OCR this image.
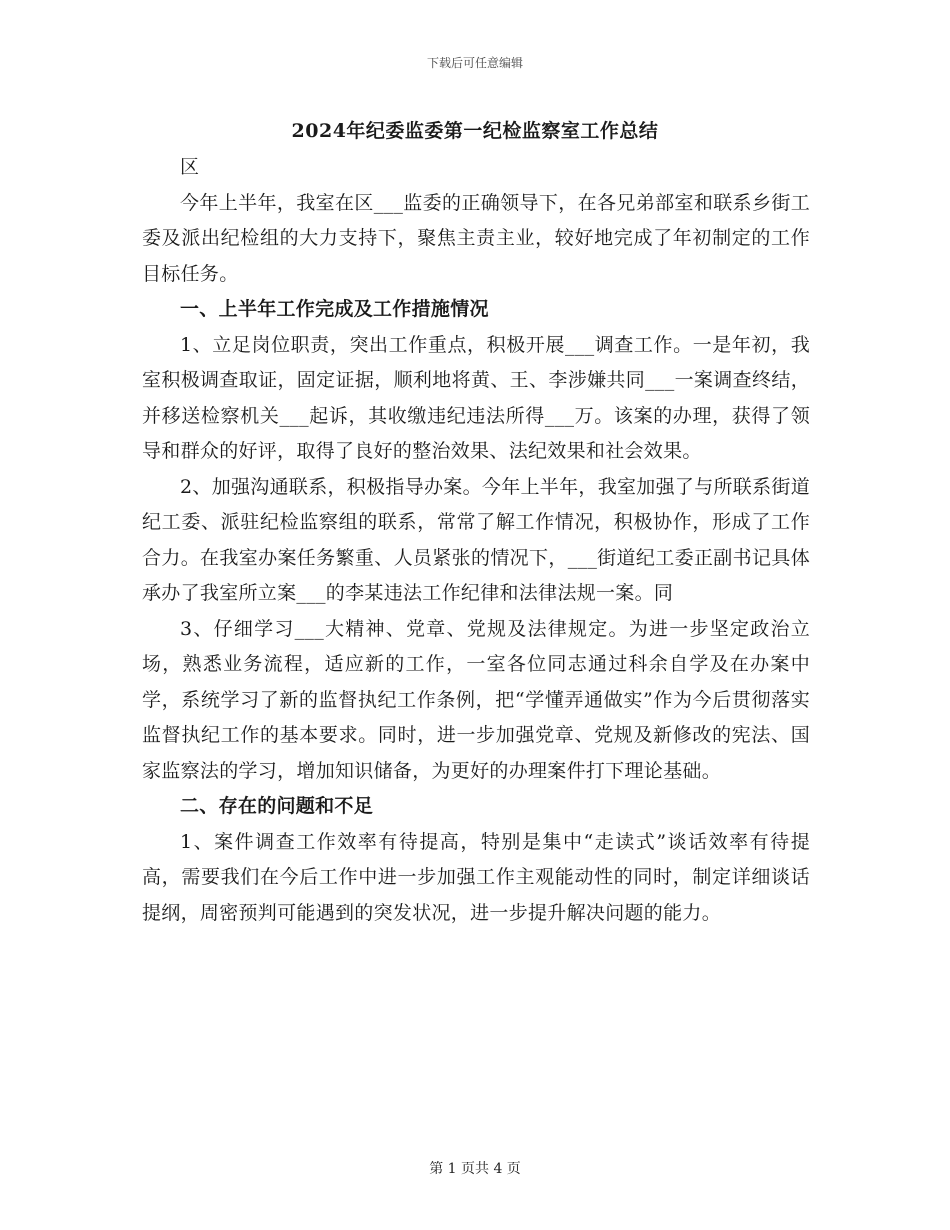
下载后可任意编辑
2024年纪委监委第一纪检监察室工作总结

区

今年上半年，我室在区___监委的正确领导下，在各兄弟部室和联系乡街工委及派出纪检组的大力支持下，聚焦主责主业，较好地完成了年初制定的工作目标任务。

一、上半年工作完成及工作措施情况

1、立足岗位职责，突出工作重点，积极开展___调查工作。一是年初，我室积极调查取证，固定证据，顺利地将黄、王、李涉嫌共同___一案调查终结，并移送检察机关___起诉，其收缴违纪违法所得___万。该案的办理，获得了领导和群众的好评，取得了良好的整治效果、法纪效果和社会效果。

2、加强沟通联系，积极指导办案。今年上半年，我室加强了与所联系街道纪工委、派驻纪检监察组的联系，常常了解工作情况，积极协作，形成了工作合力。在我室办案任务繁重、人员紧张的情况下，___街道纪工委正副书记具体承办了我室所立案___的李某违法工作纪律和法律法规一案。同

3、仔细学习___大精神、党章、党规及法律规定。为进一步坚定政治立场，熟悉业务流程，适应新的工作，一室各位同志通过科余自学及在办案中学，系统学习了新的监督执纪工作条例，把“学懂弄通做实”作为今后贯彻落实监督执纪工作的基本要求。同时，进一步加强党章、党规及新修改的宪法、国家监察法的学习，增加知识储备，为更好的办理案件打下理论基础。

二、存在的问题和不足

1、案件调查工作效率有待提高，特别是集中“走读式”谈话效率有待提高，需要我们在今后工作中进一步加强工作主观能动性的同时，制定详细谈话提纲，周密预判可能遇到的突发状况，进一步提升解决问题的能力。

第 1 页共 4 页
